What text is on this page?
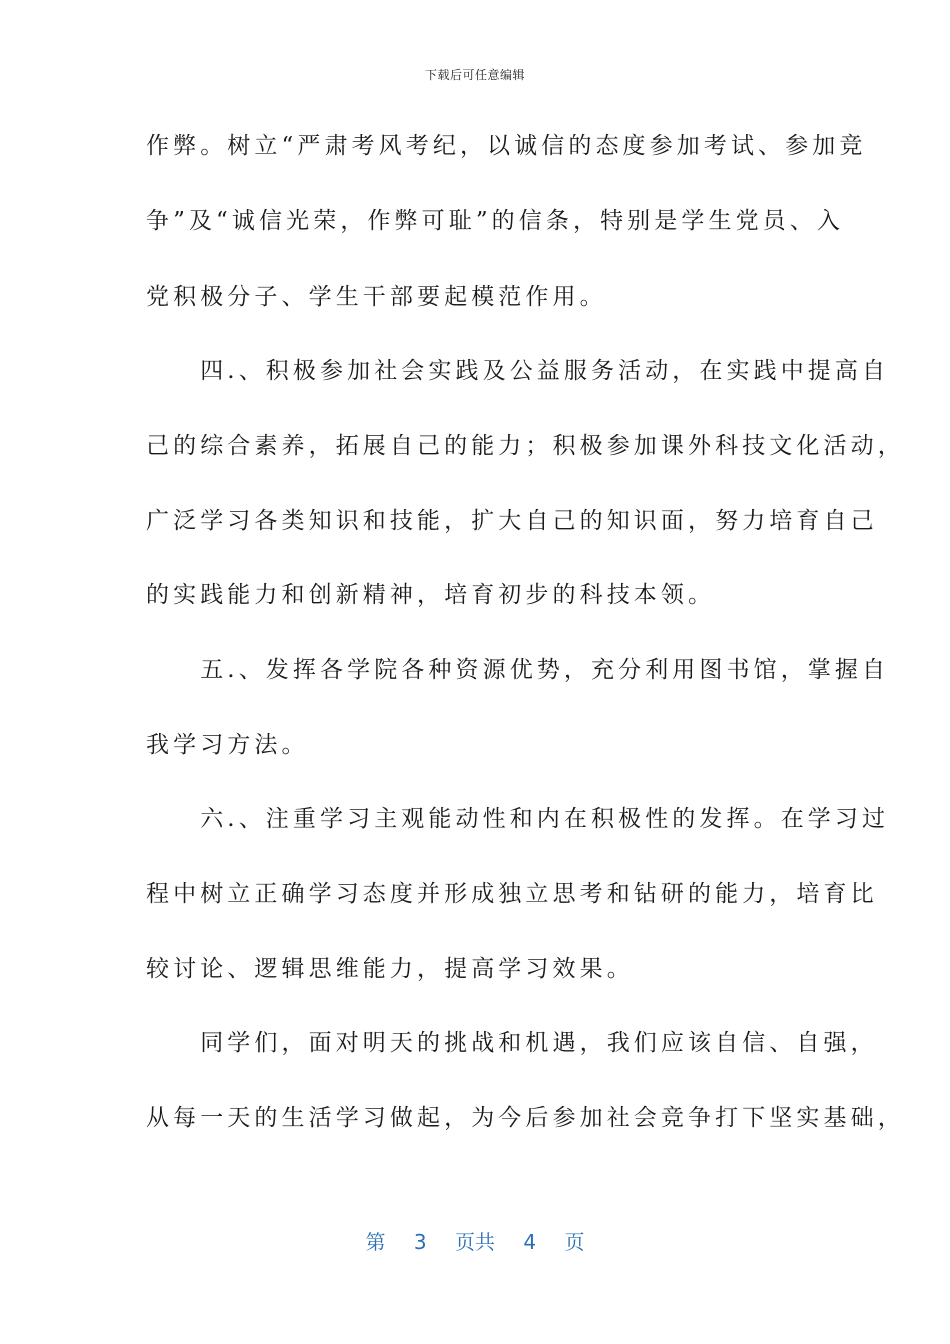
下载后可任意编辑
作弊。树立“严肃考风考纪，以诚信的态度参加考试、参加竞
争”及“诚信光荣，作弊可耻”的信条，特别是学生党员、入
党积极分子、学生干部要起模范作用。
　　四.、积极参加社会实践及公益服务活动，在实践中提高自
己的综合素养，拓展自己的能力；积极参加课外科技文化活动，
广泛学习各类知识和技能，扩大自己的知识面，努力培育自己
的实践能力和创新精神，培育初步的科技本领。
　　五.、发挥各学院各种资源优势，充分利用图书馆，掌握自
我学习方法。
　　六.、注重学习主观能动性和内在积极性的发挥。在学习过
程中树立正确学习态度并形成独立思考和钻研的能力，培育比
较讨论、逻辑思维能力，提高学习效果。
　　同学们，面对明天的挑战和机遇，我们应该自信、自强，
从每一天的生活学习做起，为今后参加社会竞争打下坚实基础，
第 3 页共 4 页
